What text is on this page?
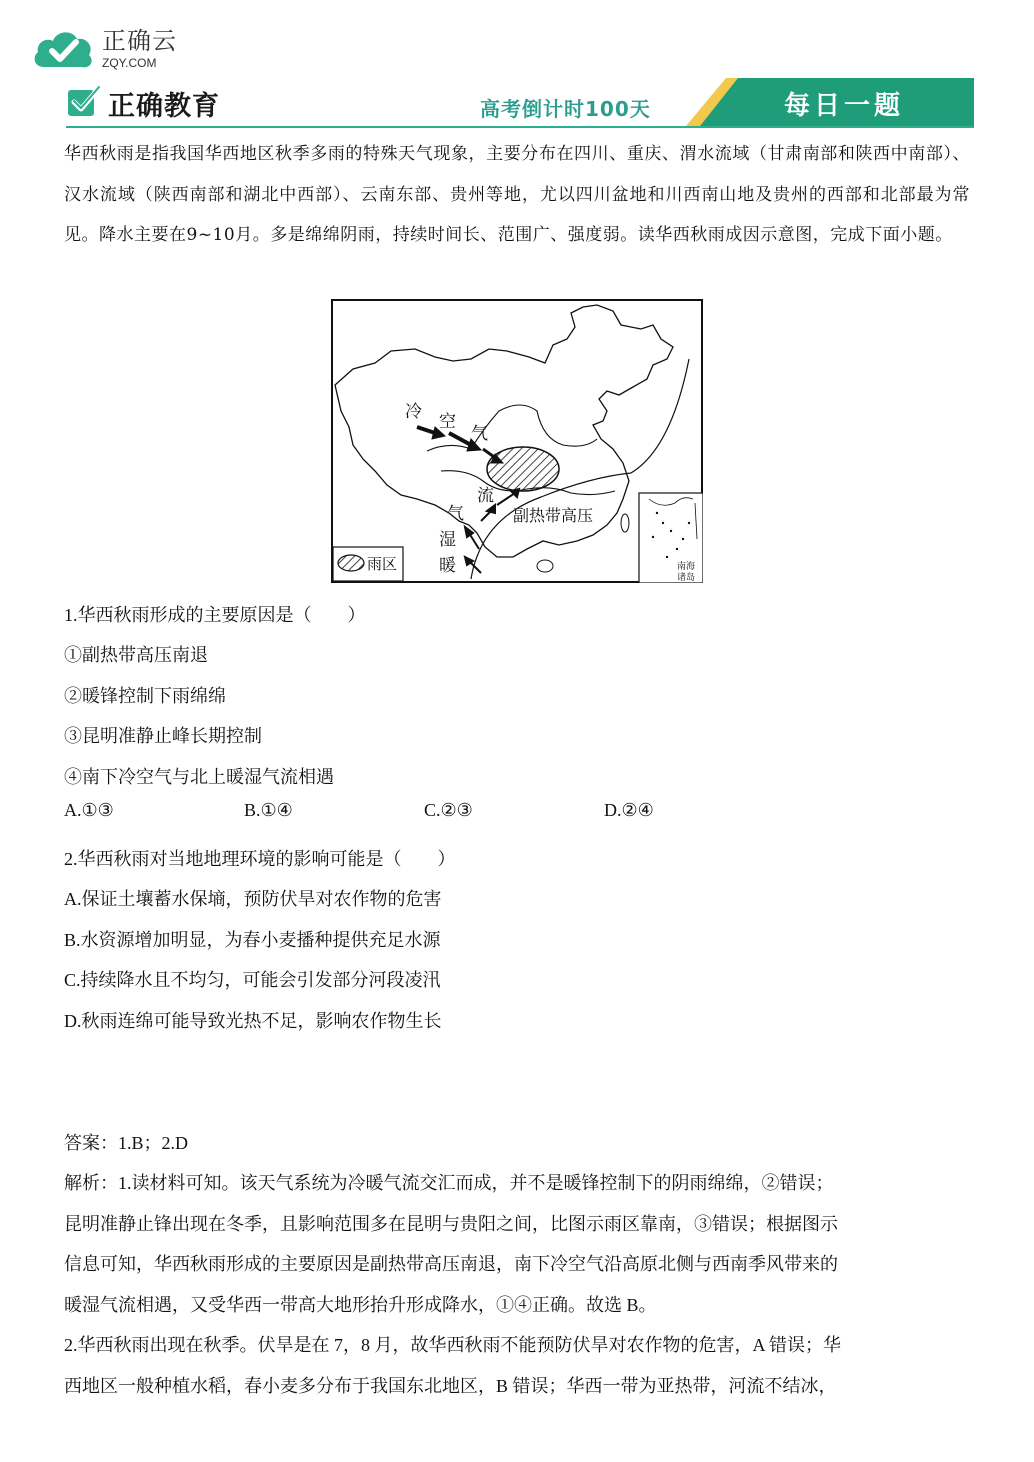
正确云
ZQY.COM
正确教育	高考倒计时100天	每日一题

华西秋雨是指我国华西地区秋季多雨的特殊天气现象，主要分布在四川、重庆、渭水流域（甘肃南部和陕西中南部）、汉水流域（陕西南部和湖北中西部）、云南东部、贵州等地，尤以四川盆地和川西南山地及贵州的西部和北部最为常见。降水主要在9~10月。多是绵绵阴雨，持续时间长、范围广、强度弱。读华西秋雨成因示意图，完成下面小题。

雨区
冷 空
气
流
气
湿
暖
副热带高压
南海
诸岛
1.华西秋雨形成的主要原因是（　　）
①副热带高压南退
②暖锋控制下雨绵绵
③昆明准静止峰长期控制
④南下冷空气与北上暖湿气流相遇
A.①③	B.①④	C.②③	D.②④
2.华西秋雨对当地地理环境的影响可能是（　　）
A.保证土壤蓄水保墒，预防伏旱对农作物的危害
B.水资源增加明显，为春小麦播种提供充足水源
C.持续降水且不均匀，可能会引发部分河段凌汛
D.秋雨连绵可能导致光热不足，影响农作物生长
答案：1.B；2.D
解析：1.读材料可知。该天气系统为冷暖气流交汇而成，并不是暖锋控制下的阴雨绵绵，②错误；
昆明准静止锋出现在冬季，且影响范围多在昆明与贵阳之间，比图示雨区靠南，③错误；根据图示
信息可知，华西秋雨形成的主要原因是副热带高压南退，南下冷空气沿高原北侧与西南季风带来的
暖湿气流相遇，又受华西一带高大地形抬升形成降水，①④正确。故选 B。
2.华西秋雨出现在秋季。伏旱是在 7，8 月，故华西秋雨不能预防伏旱对农作物的危害，A 错误；华
西地区一般种植水稻，春小麦多分布于我国东北地区，B 错误；华西一带为亚热带，河流不结冰，
